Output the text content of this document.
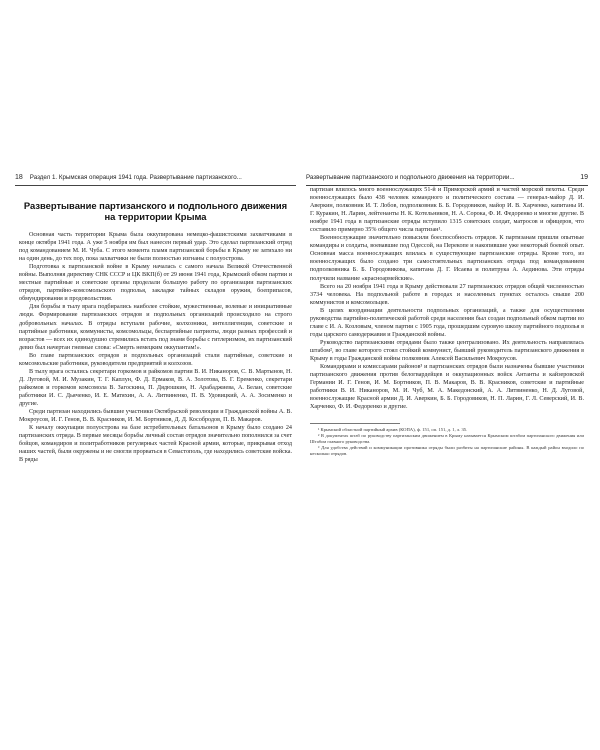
18 Раздел 1. Крымская операция 1941 года. Развертывание партизанского...
Развертывание партизанского и подпольного движения на территории Крыма

Основная часть территории Крыма была оккупирована немецко-фашистскими захватчиками в конце октября 1941 года. А уже 5 ноября им был нанесен первый удар. Это сделал партизанский отряд под командованием М. И. Чуба. С этого момента пламя партизанской борьбы в Крыму не затихало ни на один день, до тех пор, пока захватчики не были полностью изгнаны с полуострова.

Подготовка к партизанской войне в Крыму началась с самого начала Великой Отечественной войны. Выполняя директиву СНК СССР и ЦК ВКП(б) от 29 июня 1941 года, Крымский обком партии и местные партийные и советские органы проделали большую работу по организации партизанских отрядов, партийно-комсомольского подполья, закладке тайных складов оружия, боеприпасов, обмундирования и продовольствия.

Для борьбы в тылу врага подбирались наиболее стойкие, мужественные, волевые и инициативные люди. Формирование партизанских отрядов и подпольных организаций происходило на строго добровольных началах. В отряды вступали рабочие, колхозники, интеллигенция, советские и партийные работники, коммунисты, комсомольцы, беспартийные патриоты, люди разных профессий и возрастов — всех их единодушно стремились встать под знамя борьбы с гитлеризмом, их партизанский девиз был начертан гневные слова: «Смерть немецким оккупантам!».

Во главе партизанских отрядов и подпольных организаций стали партийные, советские и комсомольские работники, руководители предприятий и колхозов.

В тылу врага остались секретари горкомов и райкомов партии В. И. Никаноров, С. В. Мартынов, Н. Д. Луговой, М. И. Музакин, Т. Г. Каплун, Ф. Д. Ермаков, В. А. Золотова, В. Г. Еременко, секретари райкомов и горкомов комсомола В. Загоскина, П. Дядюшкин, Н. Арабаджиева, А. Белан, советские работники И. С. Дьяченко, И. Е. Матяхин, А. А. Литвиненко, П. В. Удовицкий, А. А. Зосименко и другие.

Среди партизан находились бывшие участники Октябрьской революции и Гражданской войны А. В. Мокроусов, И. Г. Генов, В. В. Красников, И. М. Бортников, Д. Д. Кособродов, П. В. Макаров.

К началу оккупации полуострова на базе истребительных батальонов в Крыму было создано 24 партизанских отряда. В первые месяцы борьбы личный состав отрядов значительно пополнился за счет бойцов, командиров и политработников регулярных частей Красной армии, которые, прикрывая отход наших частей, были окружены и не смогли прорваться в Севастополь, где находились советские войска. В ряды

Развертывание партизанского и подпольного движения на территории...	19

партизан влилось много военнослужащих 51-й и Приморской армий и частей морской пехоты. Среди военнослужащих было 438 человек командного и политического состава — генерал-майор Д. И. Аверкин, полковник И. Т. Лобов, подполковник Б. Б. Городовиков, майор И. В. Харченко, капитаны И. Г. Куракин, Н. Ларин, лейтенанты Н. К. Котельников, Н. А. Сорока, Ф. И. Федоренко и многие другие. В ноябре 1941 года в партизанские отряды вступило 1315 советских солдат, матросов и офицеров, что составило примерно 35% общего числа партизан¹.

Военнослужащие значительно повысили боеспособность отрядов. К партизанам пришли опытные командиры и солдаты, воевавшие под Одессой, на Перекопе и накопившие уже некоторый боевой опыт. Основная масса военнослужащих влилась в существующие партизанские отряды. Кроме того, из военнослужащих было создано три самостоятельных партизанских отряда под командованием подполковника Б. Б. Городовикова, капитана Д. Г. Исаева и политрука А. Аединова. Эти отряды получили название «красноармейские».

Всего на 20 ноября 1941 года в Крыму действовали 27 партизанских отрядов общей численностью 3734 человека. На подпольной работе в городах и населенных пунктах осталось свыше 200 коммунистов и комсомольцев.

В целях координации деятельности подпольных организаций, а также для осуществления руководства партийно-политической работой среди населения был создан подпольный обком партии во главе с И. А. Козловым, членом партии с 1905 года, прошедшим суровую школу партийного подполья в годы царского самодержавия и Гражданской войны.

Руководство партизанскими отрядами было также централизовано. Их деятельность направлялась штабом², во главе которого стоял стойкий коммунист, бывший руководитель партизанского движения в Крыму в годы Гражданской войны полковник Алексей Васильевич Мокроусов.

Командирами и комиссарами районов³ и партизанских отрядов были назначены бывшие участники партизанского движения против белогвардейцев и оккупационных войск Антанты и кайзеровской Германии И. Г. Генов, И. М. Бортников, П. В. Макаров, В. В. Красников, советские и партийные работники В. И. Никаноров, М. И. Чуб, М. А. Македонский, А. А. Литвиненко, Н. Д. Луговой, военнослужащие Красной армии Д. И. Аверкин, Б. Б. Городовиков, Н. П. Ларин, Г. Л. Северский, И. В. Харченко, Ф. И. Федоренко и другие.

¹ Крымский областной партийный архив (КОПА), ф. 151, оп. 151, д. 1, л. 35.
² В документах штаб по руководству партизанским движением в Крыму называется Крымским штабом партизанского движения или Штабом главного руководства.
³ Для удобства действий и коммуникации противника отряды были разбиты на партизанские районы. В каждый район входило по несколько отрядов.
